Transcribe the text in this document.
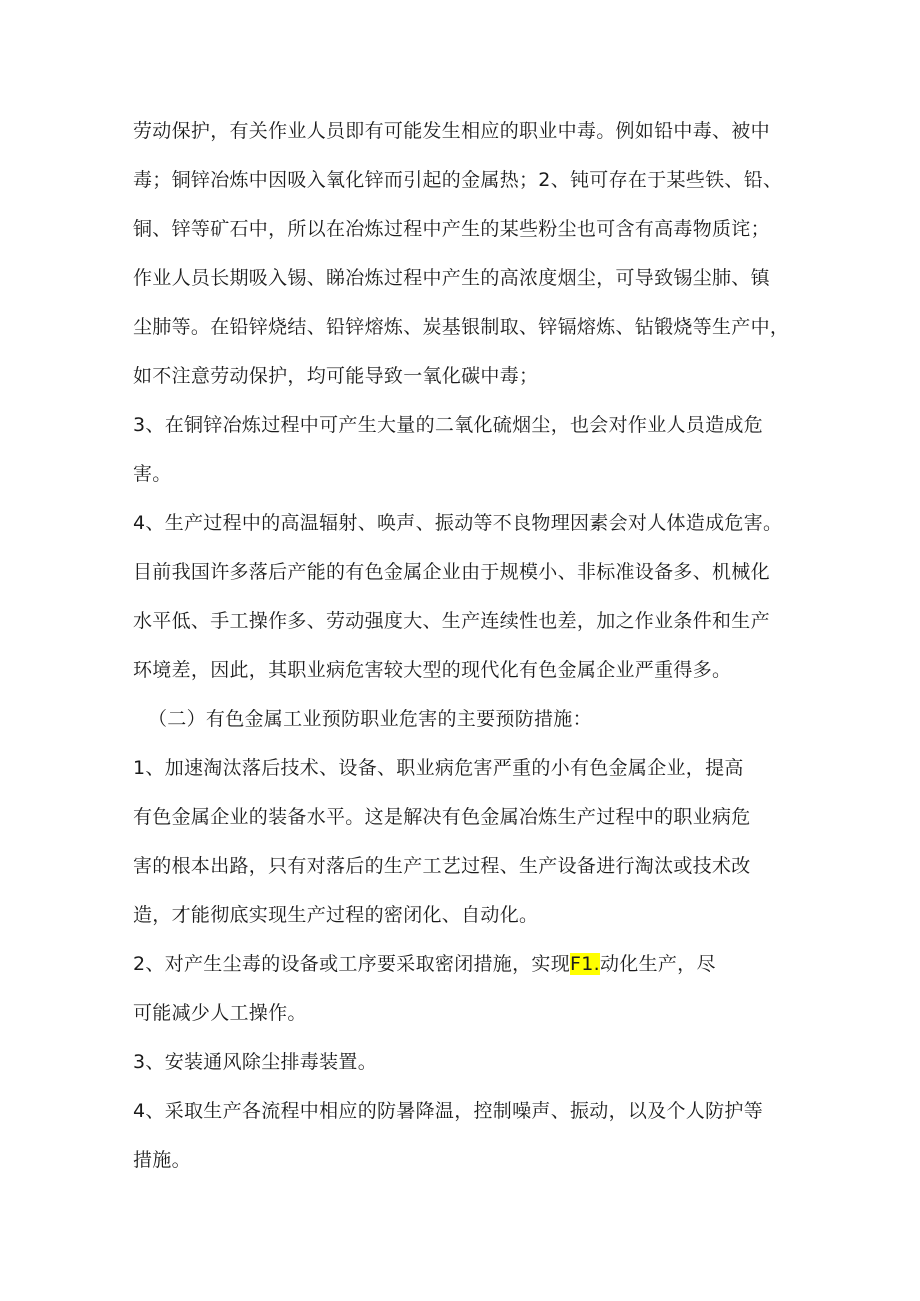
劳动保护，有关作业人员即有可能发生相应的职业中毒。例如铅中毒、被中
毒；铜锌冶炼中因吸入氧化锌而引起的金属热；2、钝可存在于某些铁、铅、
铜、锌等矿石中，所以在冶炼过程中产生的某些粉尘也可含有高毒物质诧；
作业人员长期吸入锡、睇冶炼过程中产生的高浓度烟尘，可导致锡尘肺、镇
尘肺等。在铅锌烧结、铅锌熔炼、炭基银制取、锌镉熔炼、钻锻烧等生产中，
如不注意劳动保护，均可能导致一氧化碳中毒；
3、在铜锌冶炼过程中可产生大量的二氧化硫烟尘，也会对作业人员造成危
害。
4、生产过程中的高温辐射、唤声、振动等不良物理因素会对人体造成危害。
目前我国许多落后产能的有色金属企业由于规模小、非标准设备多、机械化
水平低、手工操作多、劳动强度大、生产连续性也差，加之作业条件和生产
环境差，因此，其职业病危害较大型的现代化有色金属企业严重得多。
（二）有色金属工业预防职业危害的主要预防措施：
1、加速淘汰落后技术、设备、职业病危害严重的小有色金属企业，提高
有色金属企业的装备水平。这是解决有色金属冶炼生产过程中的职业病危
害的根本出路，只有对落后的生产工艺过程、生产设备进行淘汰或技术改
造，才能彻底实现生产过程的密闭化、自动化。
2、对产生尘毒的设备或工序要采取密闭措施，实现F1.动化生产，尽
可能减少人工操作。
3、安装通风除尘排毒装置。
4、采取生产各流程中相应的防暑降温，控制噪声、振动，以及个人防护等
措施。
